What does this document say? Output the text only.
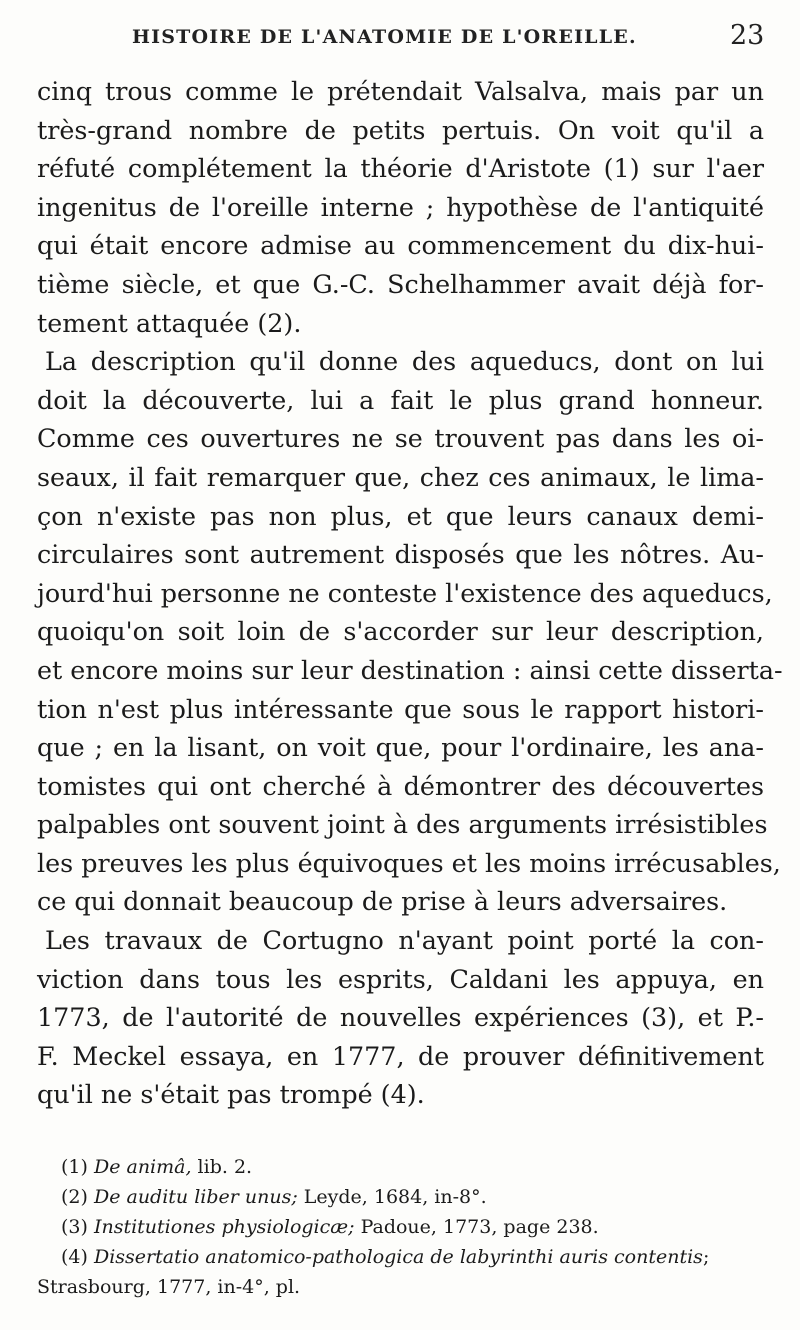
HISTOIRE DE L'ANATOMIE DE L'OREILLE.	23
cinq trous comme le prétendait Valsalva, mais par un
très-grand nombre de petits pertuis. On voit qu'il a
réfuté complétement la théorie d'Aristote (1) sur l'aer
ingenitus de l'oreille interne ; hypothèse de l'antiquité
qui était encore admise au commencement du dix-hui-
tième siècle, et que G.-C. Schelhammer avait déjà for-
tement attaquée (2).
La description qu'il donne des aqueducs, dont on lui
doit la découverte, lui a fait le plus grand honneur.
Comme ces ouvertures ne se trouvent pas dans les oi-
seaux, il fait remarquer que, chez ces animaux, le lima-
çon n'existe pas non plus, et que leurs canaux demi-
circulaires sont autrement disposés que les nôtres. Au-
jourd'hui personne ne conteste l'existence des aqueducs,
quoiqu'on soit loin de s'accorder sur leur description,
et encore moins sur leur destination : ainsi cette disserta-
tion n'est plus intéressante que sous le rapport histori-
que ; en la lisant, on voit que, pour l'ordinaire, les ana-
tomistes qui ont cherché à démontrer des découvertes
palpables ont souvent joint à des arguments irrésistibles
les preuves les plus équivoques et les moins irrécusables,
ce qui donnait beaucoup de prise à leurs adversaires.
Les travaux de Cortugno n'ayant point porté la con-
viction dans tous les esprits, Caldani les appuya, en
1773, de l'autorité de nouvelles expériences (3), et P.-
F. Meckel essaya, en 1777, de prouver définitivement
qu'il ne s'était pas trompé (4).
(1) De animâ, lib. 2.
(2) De auditu liber unus; Leyde, 1684, in-8°.
(3) Institutiones physiologicæ; Padoue, 1773, page 238.
(4) Dissertatio anatomico-pathologica de labyrinthi auris contentis;
Strasbourg, 1777, in-4°, pl.
